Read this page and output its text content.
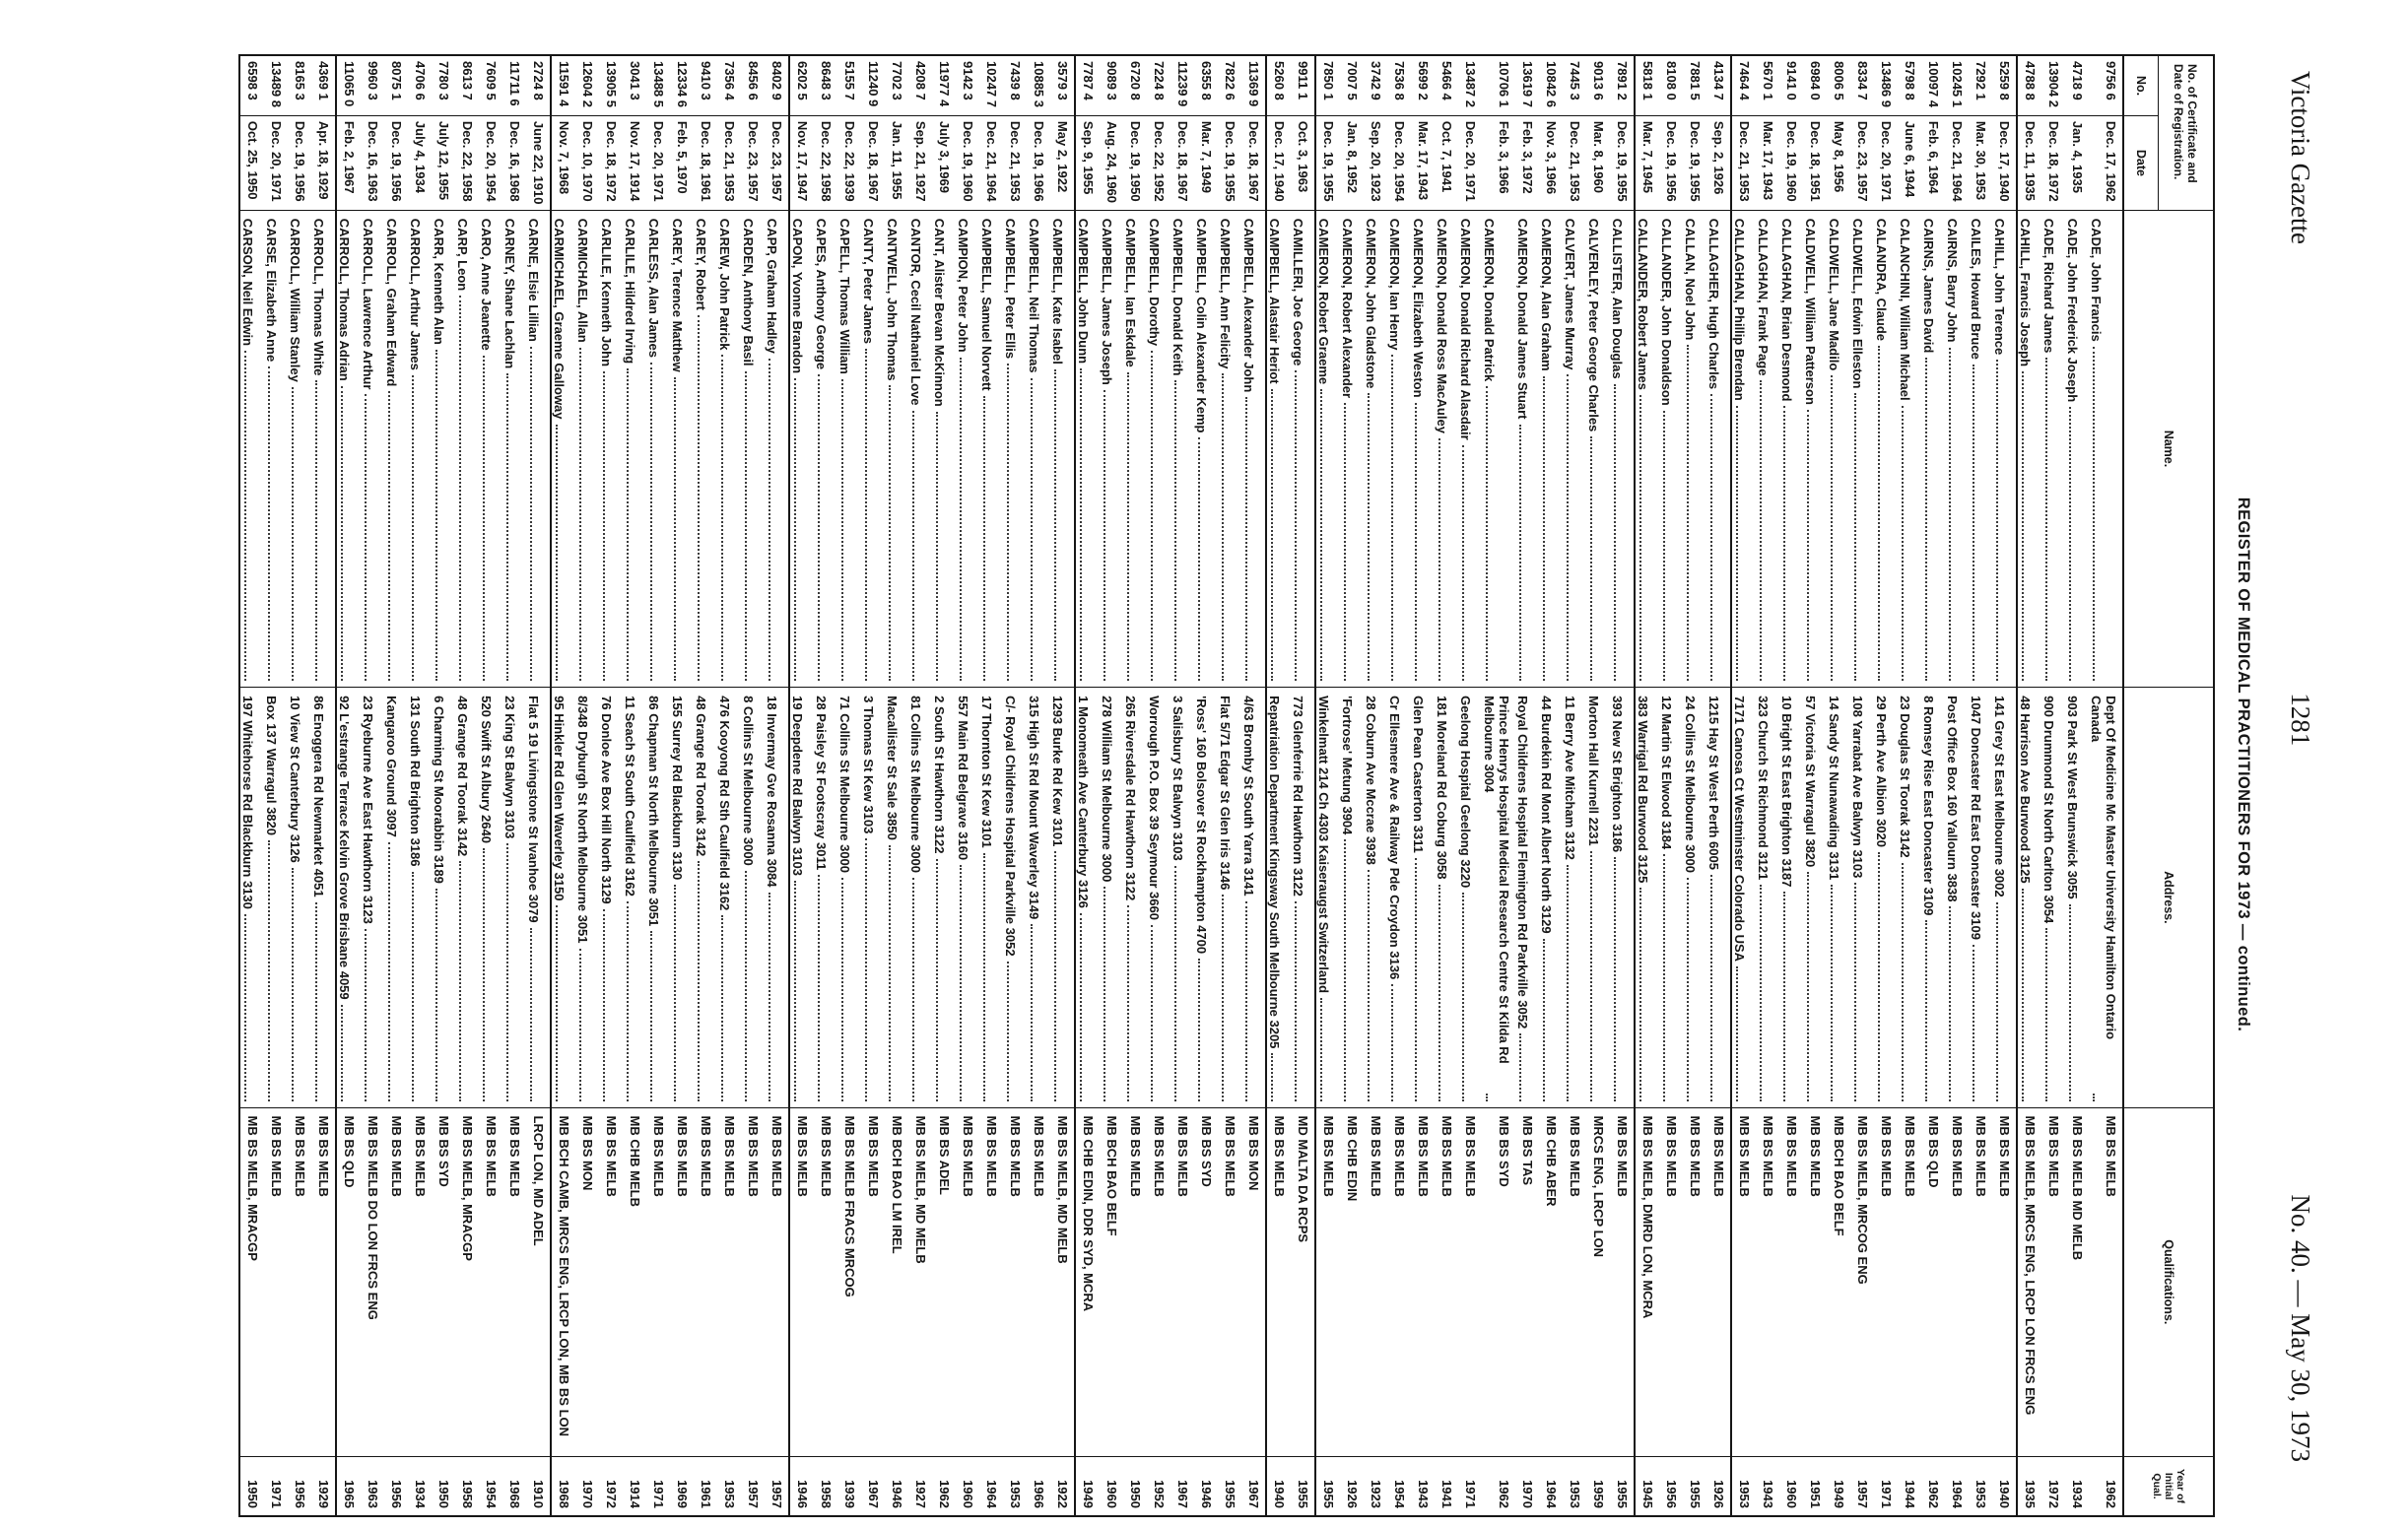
Victoria Gazette
1281
No. 40. — May 30, 1973
REGISTER OF MEDICAL PRACTITIONERS FOR 1973 — continued.
No. of Certificate and Date of Registration.
No.
Date
Name.
Address.
Qualifications.
Year of Initial Qual.
9756 6
Dec. 17, 1962
CADE, John Francis
Dept Of Medicine Mc Master University Hamilton Ontario Canada
MB BS MELB
1962
4718 9
Jan. 4, 1935
CADE, John Frederick Joseph
903 Park St West Brunswick 3055
MB BS MELB MD MELB
1934
13904 2
Dec. 18, 1972
CADE, Richard James
900 Drummond St North Carlton 3054
MB BS MELB
1972
4788 8
Dec. 11, 1935
CAHILL, Francis Joseph
48 Harrison Ave Burwood 3125
MB BS MELB, MRCS ENG, LRCP LON FRCS ENG
1935
5259 8
Dec. 17, 1940
CAHILL, John Terence
141 Grey St East Melbourne 3002
MB BS MELB
1940
7292 1
Mar. 30, 1953
CAILES, Howard Bruce
1047 Doncaster Rd East Doncaster 3109
MB BS MELB
1953
10245 1
Dec. 21, 1964
CAIRNS, Barry John
Post Office Box 160 Yallourn 3838
MB BS MELB
1964
10097 4
Feb. 6, 1964
CAIRNS, James David
8 Romsey Rise East Doncaster 3109
MB BS QLD
1962
5798 8
June 6, 1944
CALANCHINI, William Michael
23 Douglas St Toorak 3142
MB BS MELB
1944
13486 9
Dec. 20, 1971
CALANDRA, Claude
29 Perth Ave Albion 3020
MB BS MELB
1971
8334 7
Dec. 23, 1957
CALDWELL, Edwin Elleston
108 Yarrabat Ave Balwyn 3103
MB BS MELB, MRCOG ENG
1957
8006 5
May 8, 1956
CALDWELL, Jane Madilo
14 Sandy St Nunawading 3131
MB BCH BAO BELF
1949
6984 0
Dec. 18, 1951
CALDWELL, William Patterson
57 Victoria St Warragul 3820
MB BS MELB
1951
9141 0
Dec. 19, 1960
CALLAGHAN, Brian Desmond
10 Bright St East Brighton 3187
MB BS MELB
1960
5670 1
Mar. 17, 1943
CALLAGHAN, Frank Page
323 Church St Richmond 3121
MB BS MELB
1943
7464 4
Dec. 21, 1953
CALLAGHAN, Phillip Brendan
7171 Canosa Ct Westminster Colorado USA
MB BS MELB
1953
4134 7
Sep. 2, 1926
CALLAGHER, Hugh Charles
1215 Hay St West Perth 6005
MB BS MELB
1926
7881 5
Dec. 19, 1955
CALLAN, Noel John
24 Collins St Melbourne 3000
MB BS MELB
1955
8108 0
Dec. 19, 1956
CALLANDER, John Donaldson
12 Martin St Elwood 3184
MB BS MELB
1956
5818 1
Mar. 7, 1945
CALLANDER, Robert James
383 Warrigal Rd Burwood 3125
MB BS MELB, DMRD LON, MCRA
1945
7891 2
Dec. 19, 1955
CALLISTER, Alan Douglas
393 New St Brighton 3186
MB BS MELB
1955
9013 6
Mar. 8, 1960
CALVERLEY, Peter George Charles
Morton Hall Kurnell 2231
MRCS ENG, LRCP LON
1959
7445 3
Dec. 21, 1953
CALVERT, James Murray
11 Berry Ave Mitcham 3132
MB BS MELB
1953
10842 6
Nov. 3, 1966
CAMERON, Alan Graham
44 Burdekin Rd Mont Albert North 3129
MB CHB ABER
1964
13619 7
Feb. 3, 1972
CAMERON, Donald James Stuart
Royal Childrens Hospital Flemington Rd Parkville 3052
MB BS TAS
1970
10706 1
Feb. 3, 1966
CAMERON, Donald Patrick
Prince Henrys Hospital Medical Research Centre St Kilda Rd Melbourne 3004
MB BS SYD
1962
13487 2
Dec. 20, 1971
CAMERON, Donald Richard Alasdair
Geelong Hospital Geelong 3220
MB BS MELB
1971
5466 4
Oct. 7, 1941
CAMERON, Donald Ross MacAuley
181 Moreland Rd Coburg 3058
MB BS MELB
1941
5699 2
Mar. 17, 1943
CAMERON, Elizabeth Weston
Glen Pean Casterton 3311
MB BS MELB
1943
7536 8
Dec. 20, 1954
CAMERON, Ian Henry
Cr Ellesmere Ave & Railway Pde Croydon 3136
MB BS MELB
1954
3742 9
Sep. 20, 1923
CAMERON, John Gladstone
28 Coburn Ave Mccrae 3938
MB BS MELB
1923
7007 5
Jan. 8, 1952
CAMERON, Robert Alexander
'Fortrose' Metung 3904
MB CHB EDIN
1926
7850 1
Dec. 19, 1955
CAMERON, Robert Graeme
Winkelmatt 214 Ch 4303 Kaiseraugst Switzerland
MB BS MELB
1955
9911 1
Oct. 3, 1963
CAMILLERI, Joe George
773 Glenferrie Rd Hawthorn 3122
MD MALTA DA RCPS
1955
5260 8
Dec. 17, 1940
CAMPBELL, Alastair Heriot
Repatriation Department Kingsway South Melbourne 3205
MB BS MELB
1940
11369 9
Dec. 18, 1967
CAMPBELL, Alexander John
4/63 Bromby St South Yarra 3141
MB BS MON
1967
7822 6
Dec. 19, 1955
CAMPBELL, Ann Felicity
Flat 5/71 Edgar St Glen Iris 3146
MB BS MELB
1955
6355 8
Mar. 7, 1949
CAMPBELL, Colin Alexander Kemp
'Ross' 160 Bolsover St Rockhampton 4700
MB BS SYD
1946
11239 9
Dec. 18, 1967
CAMPBELL, Donald Keith
3 Salisbury St Balwyn 3103
MB BS MELB
1967
7224 8
Dec. 22, 1952
CAMPBELL, Dorothy
Worrough P.O. Box 39 Seymour 3660
MB BS MELB
1952
6720 8
Dec. 19, 1950
CAMPBELL, Ian Eskdale
265 Riversdale Rd Hawthorn 3122
MB BS MELB
1950
9089 3
Aug. 24, 1960
CAMPBELL, James Joseph
278 William St Melbourne 3000
MB BCH BAO BELF
1960
7787 4
Sep. 9, 1955
CAMPBELL, John Dunn
1 Monomeath Ave Canterbury 3126
MB CHB EDIN, DDR SYD, MCRA
1949
3579 3
May 2, 1922
CAMPBELL, Kate Isabel
1293 Burke Rd Kew 3101
MB BS MELB, MD MELB
1922
10885 3
Dec. 19, 1966
CAMPBELL, Neil Thomas
315 High St Rd Mount Waverley 3149
MB BS MELB
1966
7439 8
Dec. 21, 1953
CAMPBELL, Peter Ellis
C/- Royal Childrens Hospital Parkville 3052
MB BS MELB
1953
10247 7
Dec. 21, 1964
CAMPBELL, Samuel Norvett
17 Thornton St Kew 3101
MB BS MELB
1964
9142 3
Dec. 19, 1960
CAMPION, Peter John
557 Main Rd Belgrave 3160
MB BS MELB
1960
11977 4
July 3, 1969
CANT, Alister Bevan McKinnon
2 South St Hawthorn 3122
MB BS ADEL
1962
4208 7
Sep. 21, 1927
CANTOR, Cecil Nathaniel Love
81 Collins St Melbourne 3000
MB BS MELB, MD MELB
1927
7702 3
Jan. 11, 1955
CANTWELL, John Thomas
Macallister St Sale 3850
MB BCH BAO LM IREL
1946
11240 9
Dec. 18, 1967
CANTY, Peter James
3 Thomas St Kew 3103
MB BS MELB
1967
5155 7
Dec. 22, 1939
CAPELL, Thomas William
71 Collins St Melbourne 3000
MB BS MELB FRACS MRCOG
1939
8648 3
Dec. 22, 1958
CAPES, Anthony George
28 Paisley St Footscray 3011
MB BS MELB
1958
6202 5
Nov. 17, 1947
CAPON, Yvonne Brandon
19 Deepdene Rd Balwyn 3103
MB BS MELB
1946
8402 9
Dec. 23, 1957
CAPP, Graham Hadley
18 Invermay Gve Rosanna 3084
MB BS MELB
1957
8456 6
Dec. 23, 1957
CARDEN, Anthony Basil
8 Collins St Melbourne 3000
MB BS MELB
1957
7356 4
Dec. 21, 1953
CAREW, John Patrick
476 Kooyong Rd Sth Caulfield 3162
MB BS MELB
1953
9410 3
Dec. 18, 1961
CAREY, Robert
48 Grange Rd Toorak 3142
MB BS MELB
1961
12334 6
Feb. 5, 1970
CAREY, Terence Matthew
155 Surrey Rd Blackburn 3130
MB BS MELB
1969
13488 5
Dec. 20, 1971
CARLESS, Alan James
86 Chapman St North Melbourne 3051
MB BS MELB
1971
3041 3
Nov. 17, 1914
CARLILE, Hildred Irving
11 Seach St South Caulfield 3162
MB CHB MELB
1914
13905 5
Dec. 18, 1972
CARLILE, Kenneth John
76 Donloe Ave Box Hill North 3129
MB BS MELB
1972
12604 2
Dec. 10, 1970
CARMICHAEL, Allan
8/348 Dryburgh St North Melbourne 3051
MB BS MON
1970
11591 4
Nov. 7, 1968
CARMICHAEL, Graeme Galloway
95 Hinkler Rd Glen Waverley 3150
MB BCH CAMB, MRCS ENG, LRCP LON, MB BS LON
1968
2724 8
June 22, 1910
CARNE, Elsie Lillian
Flat 5 19 Livingstone St Ivanhoe 3079
LRCP LON, MD ADEL
1910
11711 6
Dec. 16, 1968
CARNEY, Shane Lachlan
23 King St Balwyn 3103
MB BS MELB
1968
7609 5
Dec. 20, 1954
CARO, Anne Jeanette
520 Swift St Albury 2640
MB BS MELB
1954
8613 7
Dec. 22, 1958
CARP, Leon
48 Grange Rd Toorak 3142
MB BS MELB, MRACGP
1958
7780 3
July 12, 1955
CARR, Kenneth Alan
6 Charming St Moorabbin 3189
MB BS SYD
1950
4706 6
July 4, 1934
CARROLL, Arthur James
131 South Rd Brighton 3186
MB BS MELB
1934
8075 1
Dec. 19, 1956
CARROLL, Graham Edward
Kangaroo Ground 3097
MB BS MELB
1956
9960 3
Dec. 16, 1963
CARROLL, Lawrence Arthur
23 Ryeburne Ave East Hawthorn 3123
MB BS MELB DO LON FRCS ENG
1963
11065 0
Feb. 2, 1967
CARROLL, Thomas Adrian
92 L'estrange Terrace Kelvin Grove Brisbane 4059
MB BS QLD
1965
4369 1
Apr. 18, 1929
CARROLL, Thomas White
86 Enoggera Rd Newmarket 4051
MB BS MELB
1929
8165 3
Dec. 19, 1956
CARROLL, William Stanley
10 View St Canterbury 3126
MB BS MELB
1956
13489 8
Dec. 20, 1971
CARSE, Elizabeth Anne
Box 137 Warragul 3820
MB BS MELB
1971
6598 3
Oct. 25, 1950
CARSON, Neil Edwin
197 Whitehorse Rd Blackburn 3130
MB BS MELB, MRACGP
1950
